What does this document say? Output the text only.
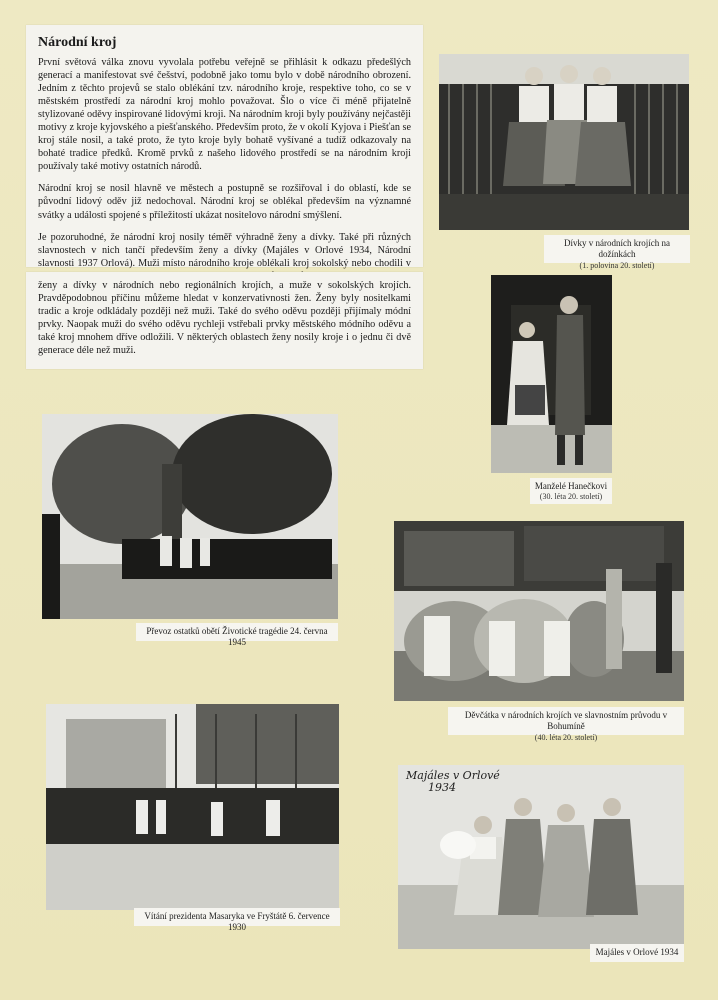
Národní kroj

První světová válka znovu vyvolala potřebu veřejně se přihlásit k odkazu předešlých generací a manifestovat své češství, podobně jako tomu bylo v době národního obrození. Jedním z těchto projevů se stalo oblékání tzv. národního kroje, respektive toho, co se v městském prostředí za národní kroj mohlo považovat. Šlo o více či méně přijatelně stylizované oděvy inspirované lidovými kroji. Na národním kroji byly používány nejčastěji motivy z kroje kyjovského a piešťanského. Především proto, že v okolí Kyjova i Piešťan se kroj stále nosil, a také proto, že tyto kroje byly bohatě vyšívané a tudíž odkazovaly na bohaté tradice předků. Kromě prvků z našeho lidového prostředí se na národním kroji používaly také motivy ostatních národů.

Národní kroj se nosil hlavně ve městech a postupně se rozšiřoval i do oblastí, kde se původní lidový oděv již nedochoval. Národní kroj se oblékal především na významné svátky a události spojené s příležitostí ukázat nositelovo národní smýšlení.

Je pozoruhodné, že národní kroj nosily téměř výhradně ženy a dívky. Také při různých slavnostech v nich tančí především ženy a dívky (Majáles v Orlové 1934, Národní slavnosti 1937 Orlová). Muži místo národního kroje oblékali kroj sokolský nebo chodili v

ženy a dívky v národních nebo regionálních krojích, a muže v sokolských krojích. Pravděpodobnou příčinu můžeme hledat v konzervativnosti žen. Ženy byly nositelkami tradic a kroje odkládaly později než muži. Také do svého oděvu později přijímaly módní prvky. Naopak muži do svého oděvu rychleji vstřebali prvky městského módního oděvu a také kroj mnohem dříve odložili. V některých oblastech ženy nosily kroje i o jednu či dvě generace déle než muži.

Dívky v národních krojích na dožínkách
(1. polovina 20. století)
Manželé Hanečkovi
(30. léta 20. století)
Převoz ostatků obětí Životické tragédie 24. června 1945
Děvčátka v národních krojích ve slavnostním průvodu v Bohumíně
(40. léta 20. století)
Vítání prezidenta Masaryka ve Fryštátě 6. července 1930
Majáles v Orlové
1934
Majáles v Orlové 1934
